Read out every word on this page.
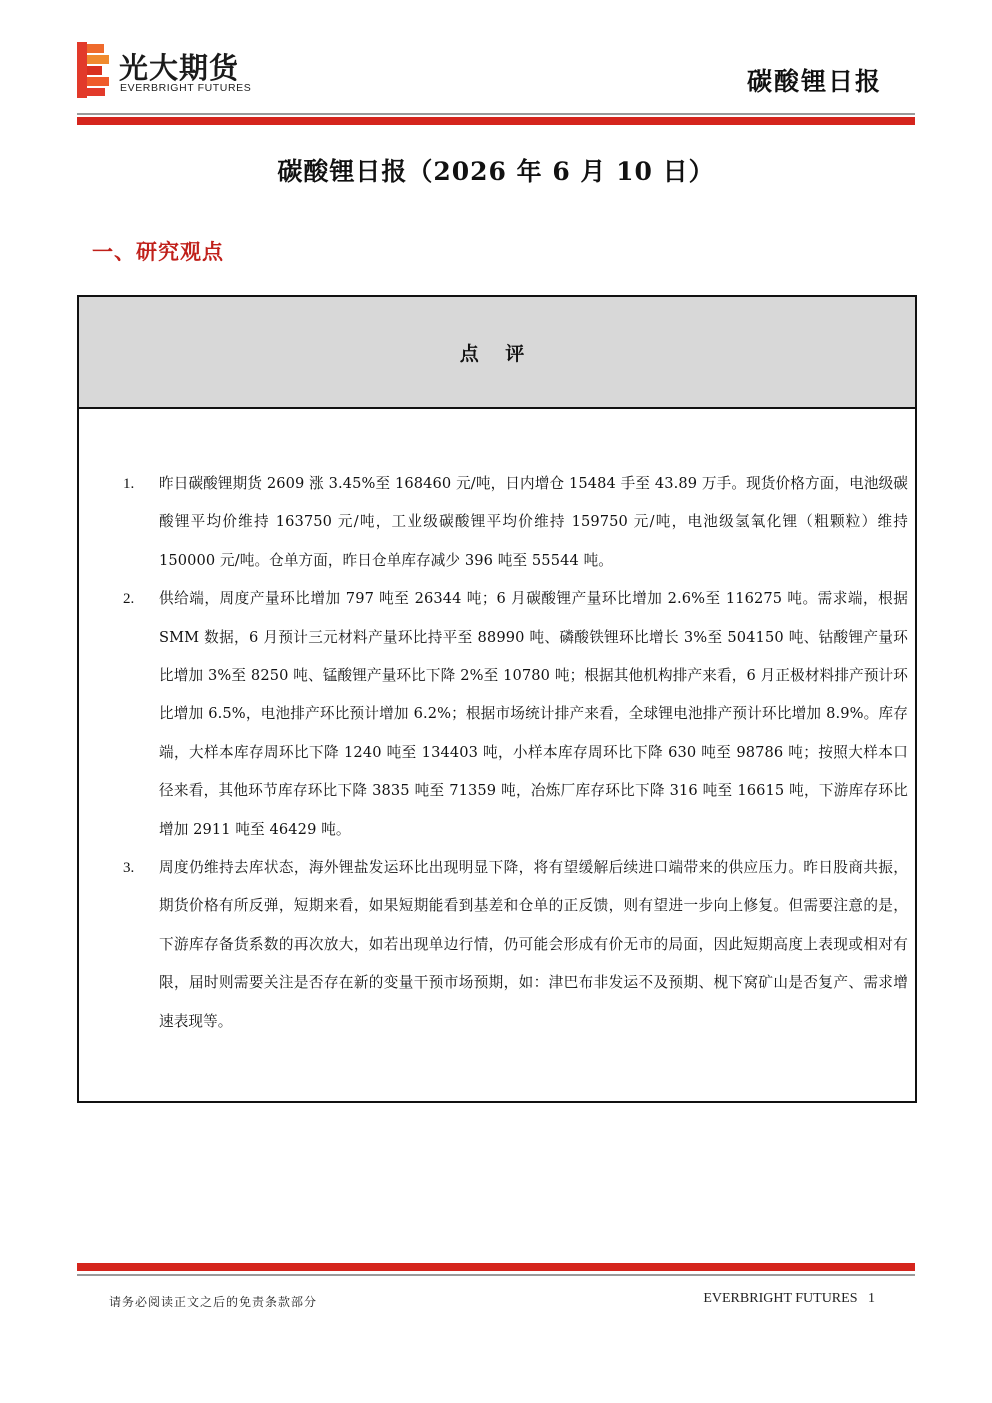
光大期货
EVERBRIGHT FUTURES	碳酸锂日报
碳酸锂日报（2026 年 6 月 10 日）
一、研究观点
点 评
1.	昨日碳酸锂期货 2609 涨 3.45%至 168460 元/吨，日内增仓 15484 手至 43.89 万手。现货价格方面，电池级碳酸锂平均价维持 163750 元/吨，工业级碳酸锂平均价维持 159750 元/吨，电池级氢氧化锂（粗颗粒）维持 150000 元/吨。仓单方面，昨日仓单库存减少 396 吨至 55544 吨。
2.	供给端，周度产量环比增加 797 吨至 26344 吨；6 月碳酸锂产量环比增加 2.6%至 116275 吨。需求端，根据 SMM 数据，6 月预计三元材料产量环比持平至 88990 吨、磷酸铁锂环比增长 3%至 504150 吨、钴酸锂产量环比增加 3%至 8250 吨、锰酸锂产量环比下降 2%至 10780 吨；根据其他机构排产来看，6 月正极材料排产预计环比增加 6.5%，电池排产环比预计增加 6.2%；根据市场统计排产来看，全球锂电池排产预计环比增加 8.9%。库存端，大样本库存周环比下降 1240 吨至 134403 吨，小样本库存周环比下降 630 吨至 98786 吨；按照大样本口径来看，其他环节库存环比下降 3835 吨至 71359 吨，冶炼厂库存环比下降 316 吨至 16615 吨，下游库存环比增加 2911 吨至 46429 吨。
3.	周度仍维持去库状态，海外锂盐发运环比出现明显下降，将有望缓解后续进口端带来的供应压力。昨日股商共振，期货价格有所反弹，短期来看，如果短期能看到基差和仓单的正反馈，则有望进一步向上修复。但需要注意的是，下游库存备货系数的再次放大，如若出现单边行情，仍可能会形成有价无市的局面，因此短期高度上表现或相对有限，届时则需要关注是否存在新的变量干预市场预期，如：津巴布非发运不及预期、枧下窝矿山是否复产、需求增速表现等。
请务必阅读正文之后的免责条款部分	EVERBRIGHT FUTURES 1
